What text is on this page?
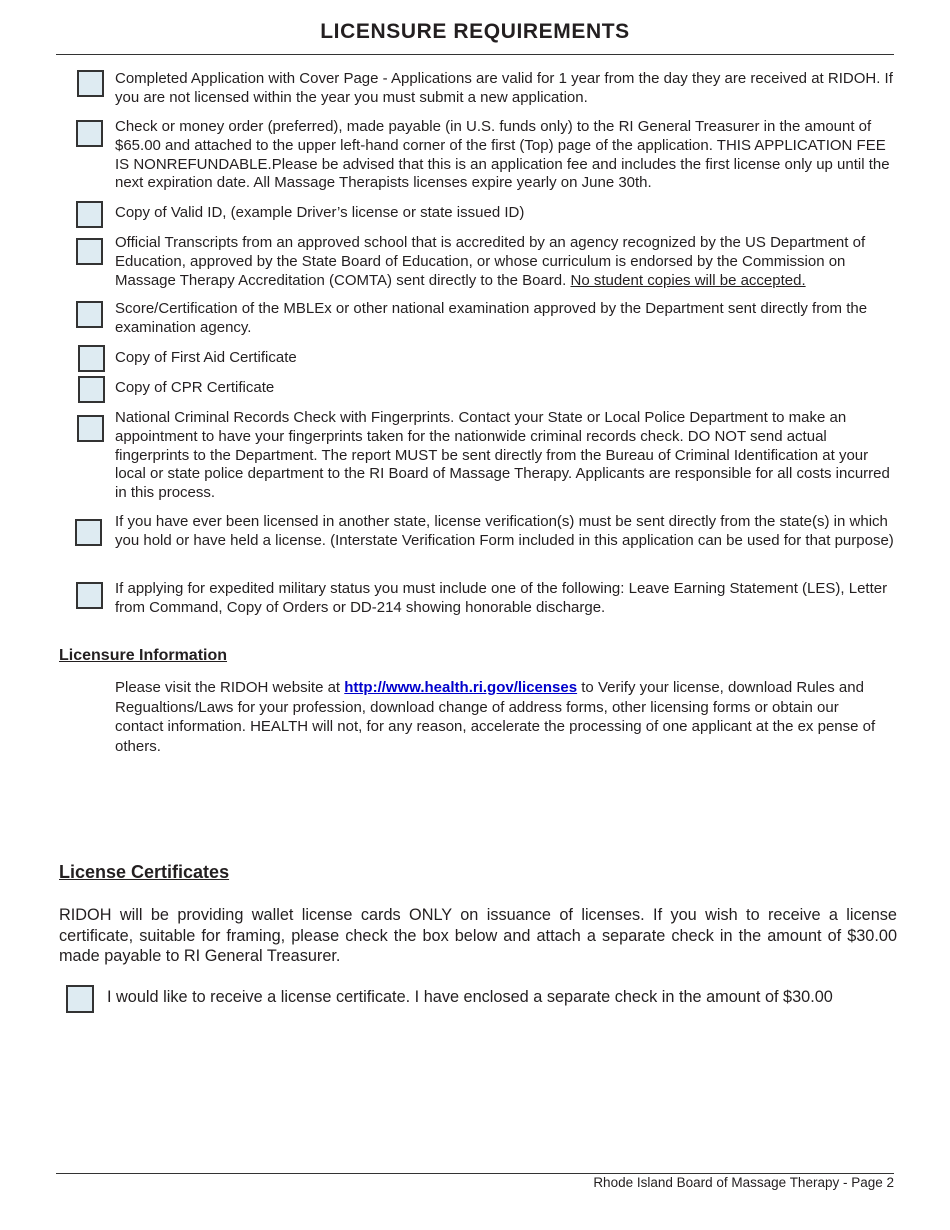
LICENSURE REQUIREMENTS
Completed Application with Cover Page - Applications are valid for 1 year from the day they are received at RIDOH. If you are not licensed within the year you must submit a new application.
Check or money order (preferred), made payable (in U.S. funds only) to the RI General Treasurer in the amount of $65.00 and attached to the upper left-hand corner of the first (Top) page of the application. THIS APPLICATION FEE IS NONREFUNDABLE.Please be advised that this is an application fee and includes the first license only up until the next expiration date. All Massage Therapists licenses expire yearly on June 30th.
Copy of Valid ID, (example Driver’s license or state issued ID)
Official Transcripts from an approved school that is accredited by an agency recognized by the US Department of Education, approved by the State Board of Education, or whose curriculum is endorsed by the Commission on Massage Therapy Accreditation (COMTA) sent directly to the Board. No student copies will be accepted.
Score/Certification of the MBLEx or other national examination approved by the Department sent directly from the examination agency.
Copy of First Aid Certificate
Copy of CPR Certificate
National Criminal Records Check with Fingerprints. Contact your State or Local Police Department to make an appointment to have your fingerprints taken for the nationwide criminal records check. DO NOT send actual fingerprints to the Department. The report MUST be sent directly from the Bureau of Criminal Identification at your local or state police department to the RI Board of Massage Therapy. Applicants are responsible for all costs incurred in this process.
If you have ever been licensed in another state, license verification(s) must be sent directly from the state(s) in which you hold or have held a license. (Interstate Verification Form included in this application can be used for that purpose)
If applying for expedited military status you must include one of the following: Leave Earning Statement (LES), Letter from Command, Copy of Orders or DD-214 showing honorable discharge.
Licensure Information
Please visit the RIDOH website at http://www.health.ri.gov/licenses to Verify your license, download Rules and Regualtions/Laws for your profession, download change of address forms, other licensing forms or obtain our contact information. HEALTH will not, for any reason, accelerate the processing of one applicant at the ex pense of others.
License Certificates
RIDOH will be providing wallet license cards ONLY on issuance of licenses. If you wish to receive a license certificate, suitable for framing, please check the box below and attach a separate check in the amount of $30.00 made payable to RI General Treasurer.
I would like to receive a license certificate. I have enclosed a separate check in the amount of $30.00
Rhode Island Board of Massage Therapy - Page 2
